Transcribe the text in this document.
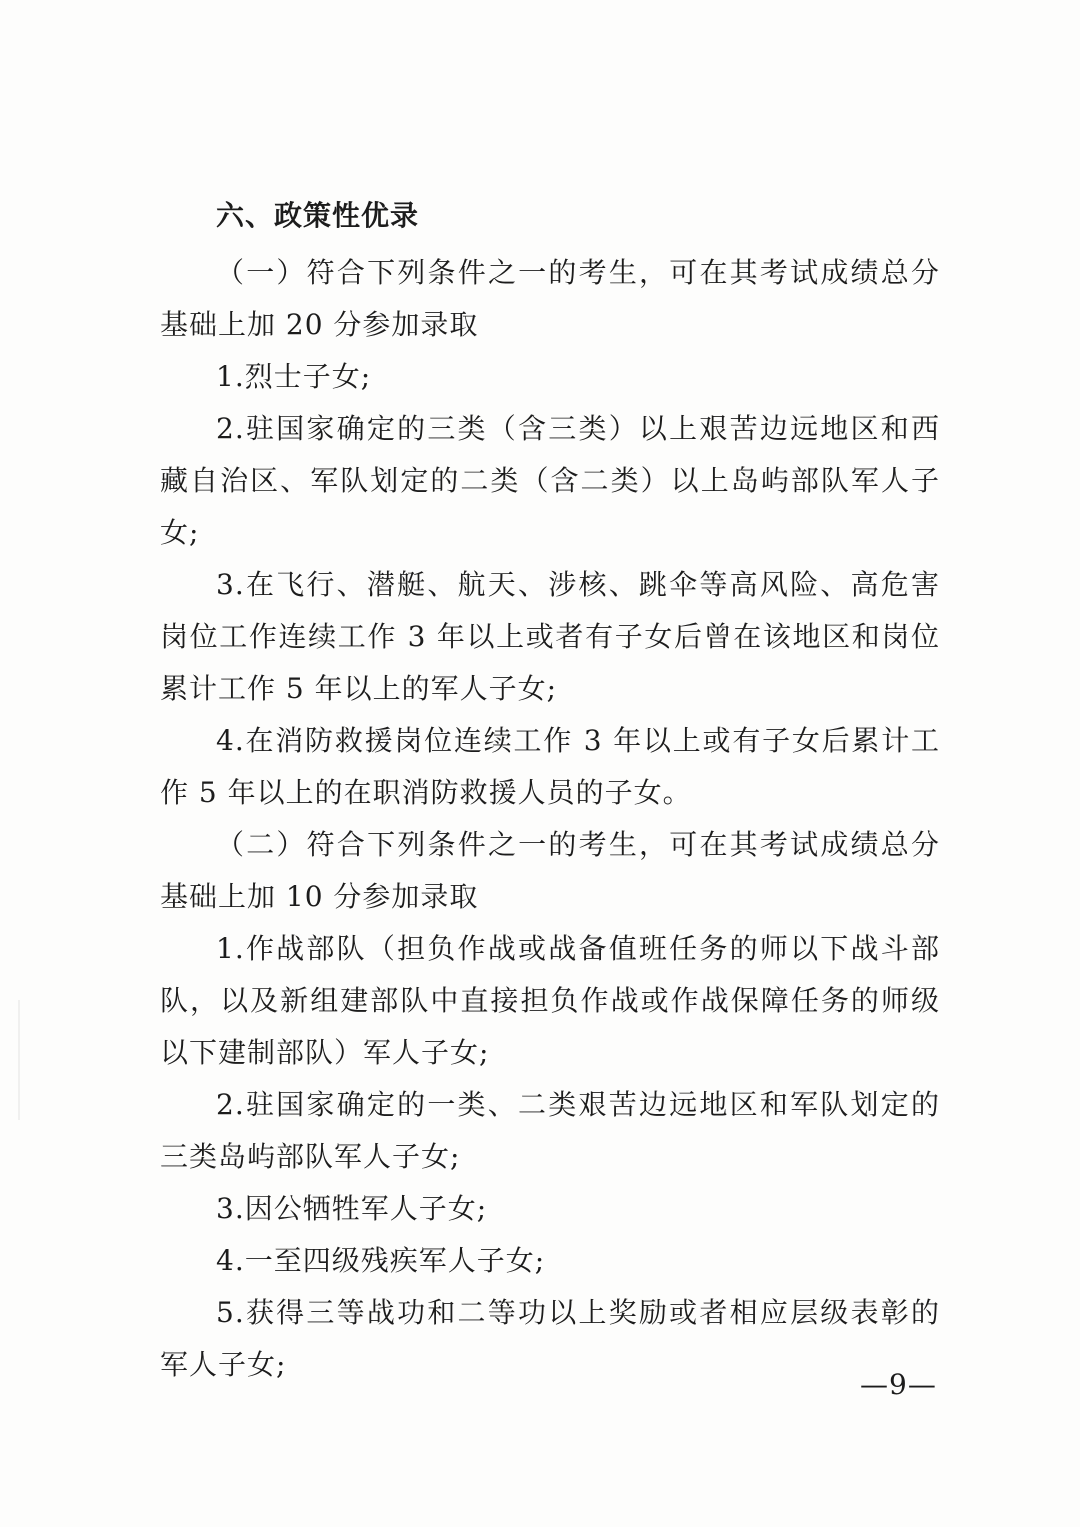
六、政策性优录

（一）符合下列条件之一的考生，可在其考试成绩总分基础上加 20 分参加录取

1.烈士子女;

2.驻国家确定的三类（含三类）以上艰苦边远地区和西藏自治区、军队划定的二类（含二类）以上岛屿部队军人子女;

3.在飞行、潜艇、航天、涉核、跳伞等高风险、高危害岗位工作连续工作 3 年以上或者有子女后曾在该地区和岗位累计工作 5 年以上的军人子女;

4.在消防救援岗位连续工作 3 年以上或有子女后累计工作 5 年以上的在职消防救援人员的子女。

（二）符合下列条件之一的考生，可在其考试成绩总分基础上加 10 分参加录取

1.作战部队（担负作战或战备值班任务的师以下战斗部队，以及新组建部队中直接担负作战或作战保障任务的师级以下建制部队）军人子女;

2.驻国家确定的一类、二类艰苦边远地区和军队划定的三类岛屿部队军人子女;

3.因公牺牲军人子女;

4.一至四级残疾军人子女;

5.获得三等战功和二等功以上奖励或者相应层级表彰的军人子女;

—9—
